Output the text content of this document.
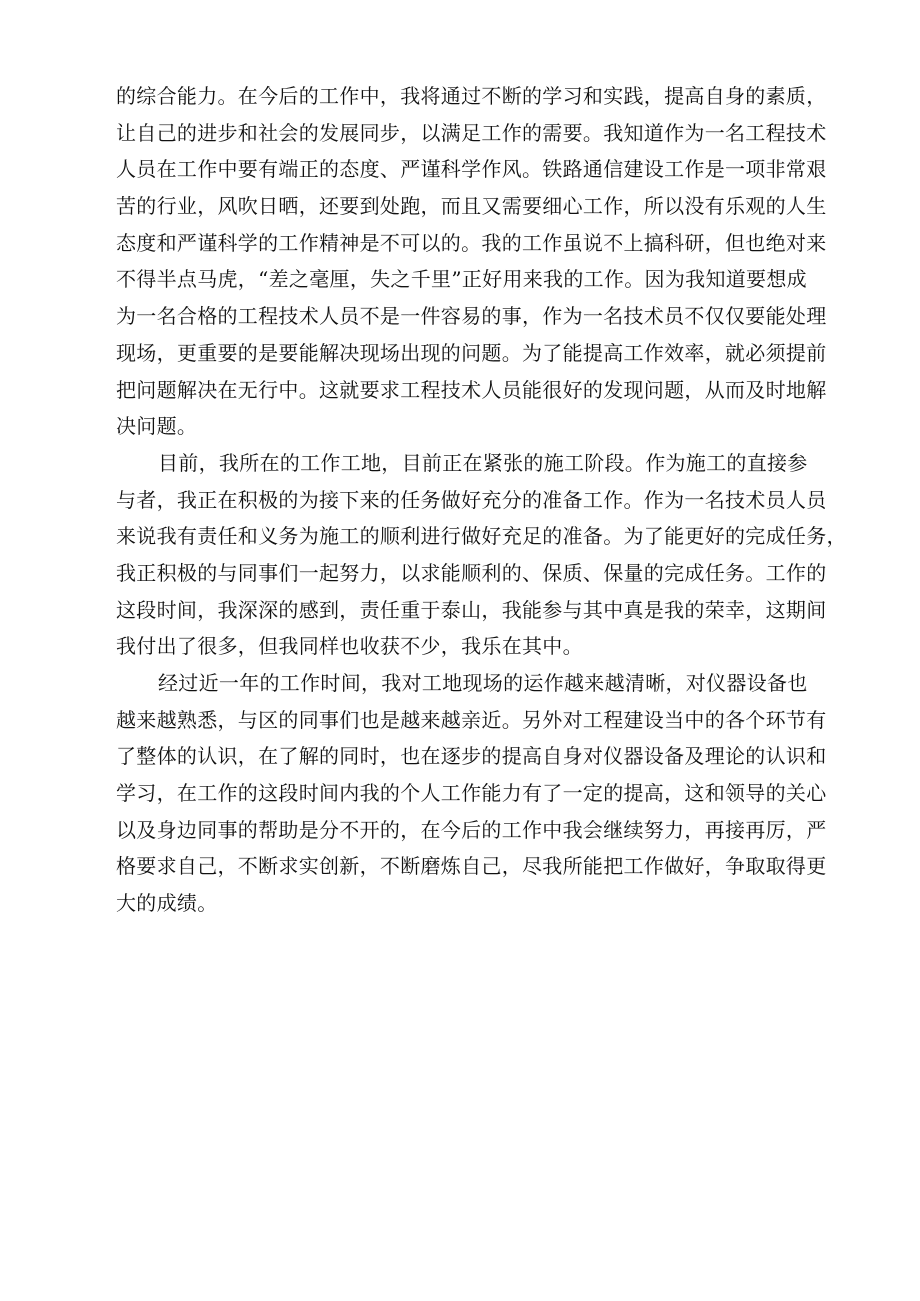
的综合能力。在今后的工作中，我将通过不断的学习和实践，提高自身的素质，
让自己的进步和社会的发展同步，以满足工作的需要。我知道作为一名工程技术
人员在工作中要有端正的态度、严谨科学作风。铁路通信建设工作是一项非常艰
苦的行业，风吹日晒，还要到处跑，而且又需要细心工作，所以没有乐观的人生
态度和严谨科学的工作精神是不可以的。我的工作虽说不上搞科研，但也绝对来
不得半点马虎，“差之毫厘，失之千里”正好用来我的工作。因为我知道要想成
为一名合格的工程技术人员不是一件容易的事，作为一名技术员不仅仅要能处理
现场，更重要的是要能解决现场出现的问题。为了能提高工作效率，就必须提前
把问题解决在无行中。这就要求工程技术人员能很好的发现问题，从而及时地解
决问题。

目前，我所在的工作工地，目前正在紧张的施工阶段。作为施工的直接参
与者，我正在积极的为接下来的任务做好充分的准备工作。作为一名技术员人员
来说我有责任和义务为施工的顺利进行做好充足的准备。为了能更好的完成任务，
我正积极的与同事们一起努力，以求能顺利的、保质、保量的完成任务。工作的
这段时间，我深深的感到，责任重于泰山，我能参与其中真是我的荣幸，这期间
我付出了很多，但我同样也收获不少，我乐在其中。

经过近一年的工作时间，我对工地现场的运作越来越清晰，对仪器设备也
越来越熟悉，与区的同事们也是越来越亲近。另外对工程建设当中的各个环节有
了整体的认识，在了解的同时，也在逐步的提高自身对仪器设备及理论的认识和
学习，在工作的这段时间内我的个人工作能力有了一定的提高，这和领导的关心
以及身边同事的帮助是分不开的，在今后的工作中我会继续努力，再接再厉，严
格要求自己，不断求实创新，不断磨炼自己，尽我所能把工作做好，争取取得更
大的成绩。
